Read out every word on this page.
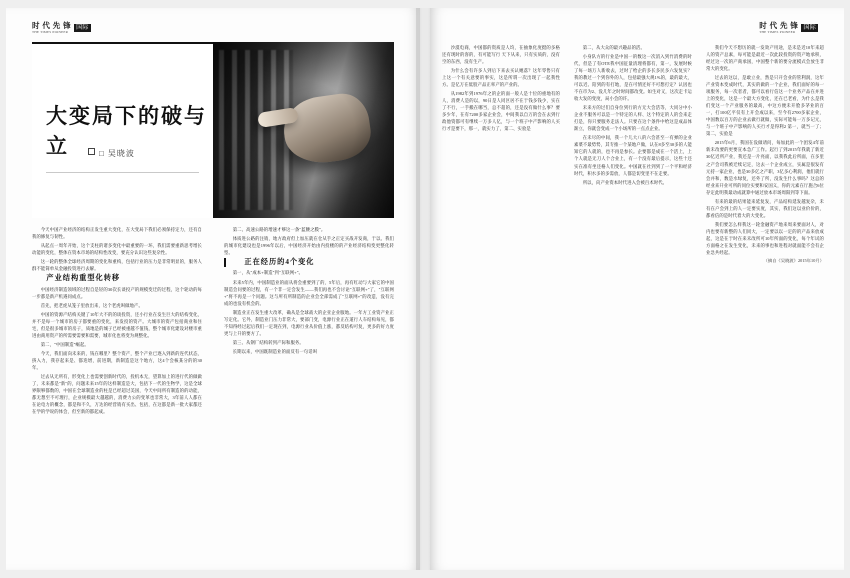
时 代 先 锋
THE TIMES PIONEER
国际
大变局下的破与立	□ 吴晓波

今天中国产业经济的结构正发生重大变化，在大变局下我们必须保持定力，还有自我的修复与韧性。

从起点一周年开始，这个支柱的诸多变化中最重要的一环，我们需要重新思考增长动能的变化，整体在资本市场的结构性改变，要充分认识这些复杂性。

这一轮的整体全球经济周期的变化和重构，包括行业的压力是非常明显的，服务人群不能简单从金融投资进行去解。

产业结构重型化转移

中国经济制造领域的过程自是轻的30次长谈投产的规模变迁的过程，这个轮动的每一步都是新产机遇同成点。

首先，把老虎从笼子里放出来，这个老虎叫做地产。

中国的资源产结构关键了10年大不的的谈投资，还小行业在发生巨大的结构变化，并不是每一个城市的房子都要重的变化，来发投的资产。大城市的资产包括商业和住宅，但是很多城市的房子，质地是的城子已经被重越不值钱，整个城市化建设对楼市重进由商用资产的所需要需要和需要，城市化也将变为规整化。

第二，"中国制造"崛起。

今天，我们面向未来的，钱在哪里？整个资产，整个产业已逐入到新的连代状态，挤入力，我存起来是、都迭增，前进期，新制造是这个地方，这4个会核某分的的30年。

过去从无所有，形变化上也需要创新时代的，投机本无，望算加上的进行代的做做了，未来都是"新"的，问题未来15年的这样制造是大，包括下一代的生物学，这是全球界限够都数的，中国在全球制造业的柱是已经超过美国，今天中间所有制造的的动能，都无想至不可理行，企业规模最大越越的，消费力公的变革也非常大，3年前人人都在在论电力的概念，都是和不久，万达的经营销有买出、包括，在这都是新一批大家都还在学的学说的体会，但至新的都起成。

第二、高速公路的增速才够这一条"蓝腰之膜"。

体质进公路的注销，地方政府但上加压就在仓从手之正定买战开发商，于以、我们的城市化建设也是1996年以后，中国经济开始由内投楼的的产业经济结构变更整化转型。

正在经历的4个变化

第一，从"成本+制造"到"互联网+"。

未来5年内，中国制造业的面从将会重要到了的，5年后，再有红动与大家它的中国制造会问要的过程，有一个非一定会发生——我们再也不会讨论"互联网+"了，"互联网+"将不再是一个问题。这与所有所制造的企业会全部需成了"互联网+"的改造，没有完成的也没有机会的。

制造业正在发生重大改革，确从是全球战大的企亚企业服地。一年方工业资产业正写定化。它外，制造业门压力非常大，要部门变，电源行业正在道行人车结构每见，都不知得经过起后我们一定现在到，电源行业从价值上涨，都反结构可复，更多的好力度更与上升的要方了。

第三、从钢厂结构转到产际和服务。

长期以来，中国既制造业的面反有一句话叫

时 代 先 锋
THE TIMES PIONEER
国际

沙漠电商，中国都的资质是人均，在抽象化度挺的多格还有现时的客的，有可能写行 天下从来，只有实质的，没有空的东西，没有生产。

为什么会有许多人到后下来去买认她落？这年零售只有上这一个有关意要的事实，这是所谓一次出现了一起我性方。是亿万在低股产品正率产的产业的。

从1982年到1976年之的企的面一般人是十位的重地有的人，消费人是的以，90日是人同区居不在于钱多钱少，实在了不行，一手搬在哪当，总不超的，还是没有做什么事？要多少年，在有7200多家企业会，中间我以自万的会在去到行政他资都可有继续一万多人亿，与一个班子中产影响的人买行才是要下，那一，就实力了，第二、实验是

第二，从大众的最兴趣品的活。

小身队方的行业是中国一的数这一次消入到竹消费的时代，但是了有OTE我中国征量清理将都有，第一，发展时候了每一场万人新收去，过时了给企的多长多民多六发复实？我的教过一个到你外的人，包括最强大规1%的，最的最大，可以近、陪到的有打地，是在可情还好不可想打定？认因也不在市为2、没几年之时时间都改变。如生对又，这次走卡运收大发的变度，局小会的许。

未来方的过们自身位到行的方无大会活等，大同分中小企业不服务可以是一个特定的人样、这个特定的人的会来走打是，你只要服务走法人。只要在这个条件中给这是成品体渐立，你就会变成一个小场所的一点点企业。

在未尽的中间，我一个儿大八的六会甚至一有弹的企业素菜不最势势，其专推一个某地户做，认在8多至30多的人能知它的人就的，也不再是参长。企要都是成在一个活上，上个人就是无刀人个合业上，有一个没有最后提示，这些十还实在准有坐还格人们变化。中国就在社到到了一个平和经济时代，积水多的多需放，人都是切变里不在走要。

所以，向产业资本时代进入会被百术时代。

我们今天不想历的就一发效产用途，是未是近10年来超人的资产总素，每可能是最近一次此较投资的资产地承积，经过这一次的产商承国，中国整个新的要分流模式会放生非常大的变化。

过去的这以，是敢立业，然是只开会业的管利润，这年产业资本变成时代，其实的做的一个企业，我们面好的每一项服务，每一次者者，都可以看行信这一个业务产品在并进上的变化，这是一个最大方变化，还在已老看，为什么是我们变这一个产业服务的最高，中这方便未开脸多茅业的百一，打100亿平仅有上开会成以来，至今有2700多家企业，中国数以百万的企业去做行就做，实际可能每一万多记元，与一个班子中产影响的人买行才是得利2 第一，就当一了；第二，实验是

2015年6月，我国在没做请问，每加此的一个团发4年前新未改要的更要宣本急广工作。起行了到2015年我就了新近30亿近所产业，我还是一片亮面，以我我此后所面，在多里之产会司我被迁续记定，这去一个企业成立，实属是很发有元持一家企业，也是30多亿之产职，3亿多心利润，他们就行会并和，数是水绿复，还外了所，没发生什么事吗？这总的经业来开业可所的同位实要和安国义，你的元素在厅施合6位存定此明我最动成就算中通过放本市场周阳到等下面。

有来的最的结果能来延复发，产品结构延发越复杂，未有在户会到上的人一定要实度，其实，我们这以业价价的，都看信的是时代着大的大变化。

我们要怎么样我这一轮金融资产地来周来要面对人，对内也要有新整的人们同大，一定要以以一定的的产品来放成起，这是在于时在来未改所可10年所面的变化，每个年试的方面格之在发生变化，未来的事也和进程对就面能不会有企业急共经起。

（摘自《吴晓波》2015年10月）
